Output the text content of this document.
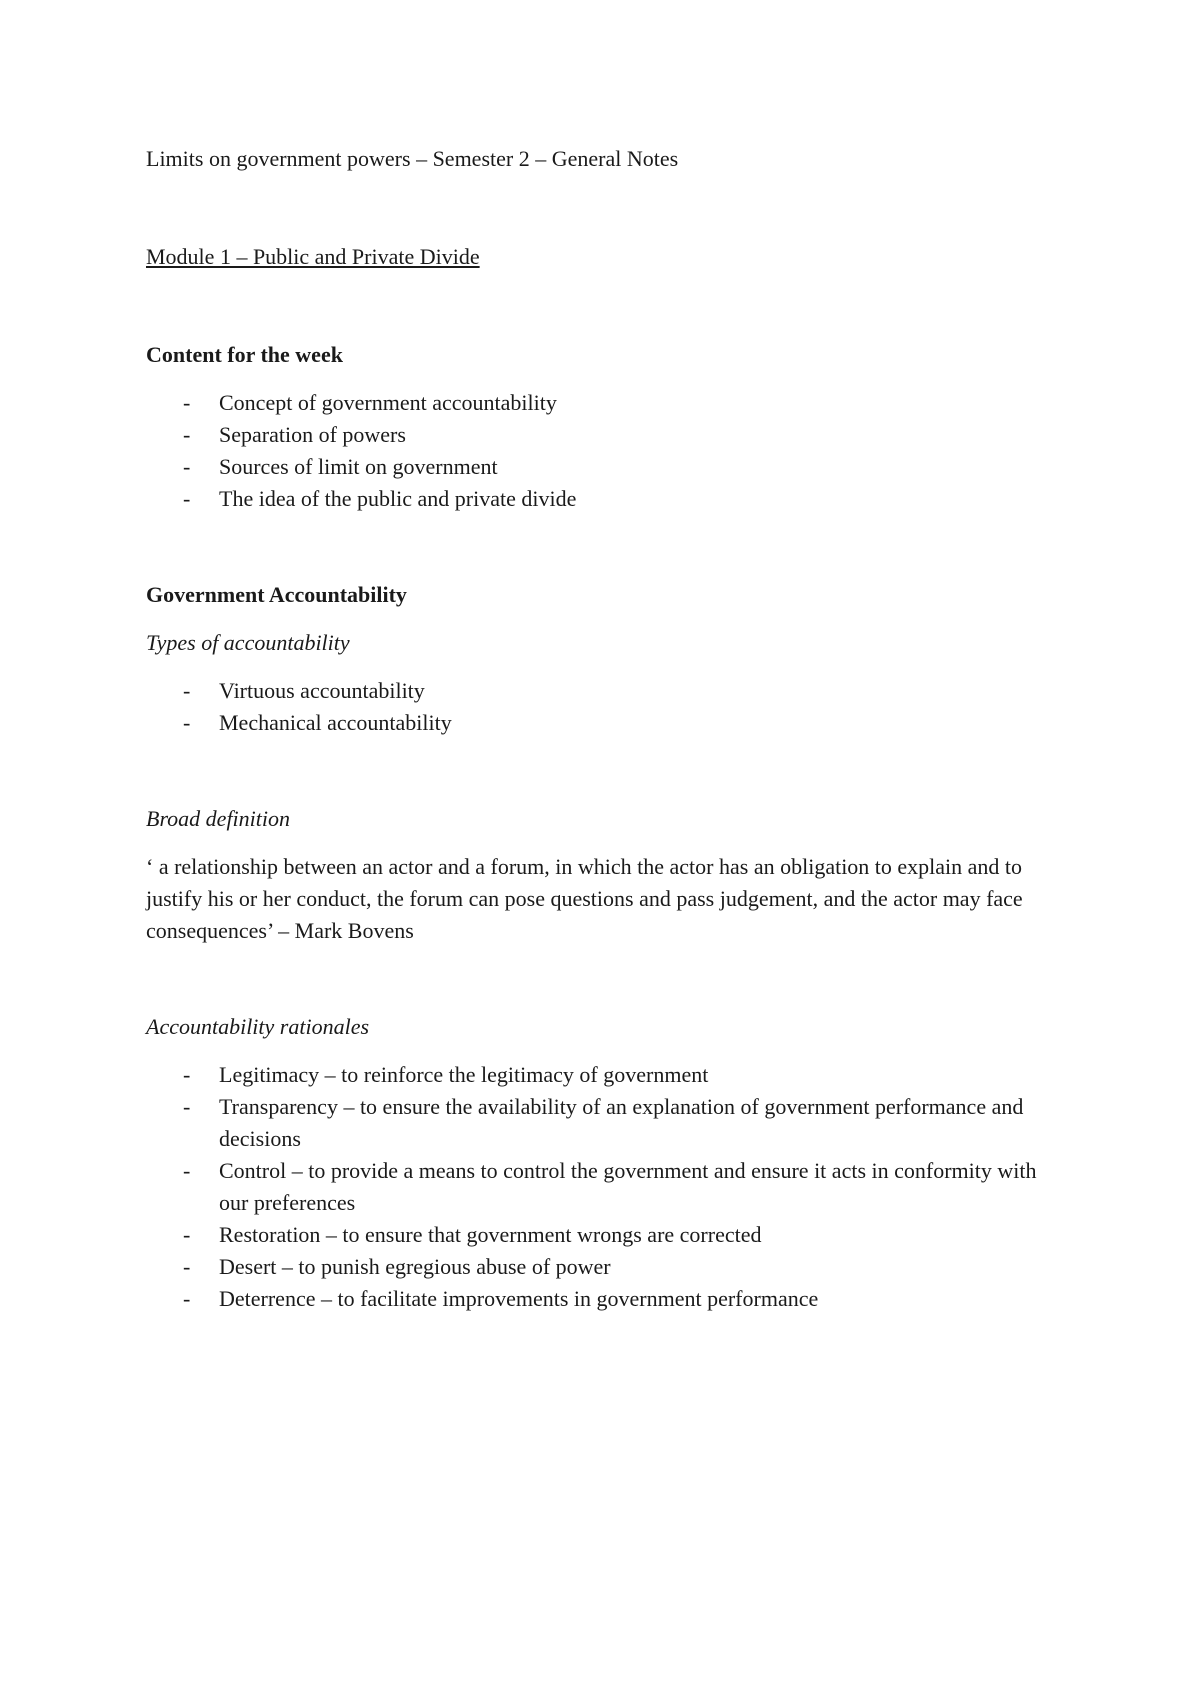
Limits on government powers – Semester 2 – General Notes

Module 1 – Public and Private Divide

Content for the week

- Concept of government accountability
- Separation of powers
- Sources of limit on government
- The idea of the public and private divide

Government Accountability

Types of accountability

- Virtuous accountability
- Mechanical accountability

Broad definition

‘ a relationship between an actor and a forum, in which the actor has an obligation to explain and to justify his or her conduct, the forum can pose questions and pass judgement, and the actor may face consequences’ – Mark Bovens

Accountability rationales

- Legitimacy – to reinforce the legitimacy of government
- Transparency – to ensure the availability of an explanation of government performance and decisions
- Control – to provide a means to control the government and ensure it acts in conformity with our preferences
- Restoration – to ensure that government wrongs are corrected
- Desert – to punish egregious abuse of power
- Deterrence – to facilitate improvements in government performance
